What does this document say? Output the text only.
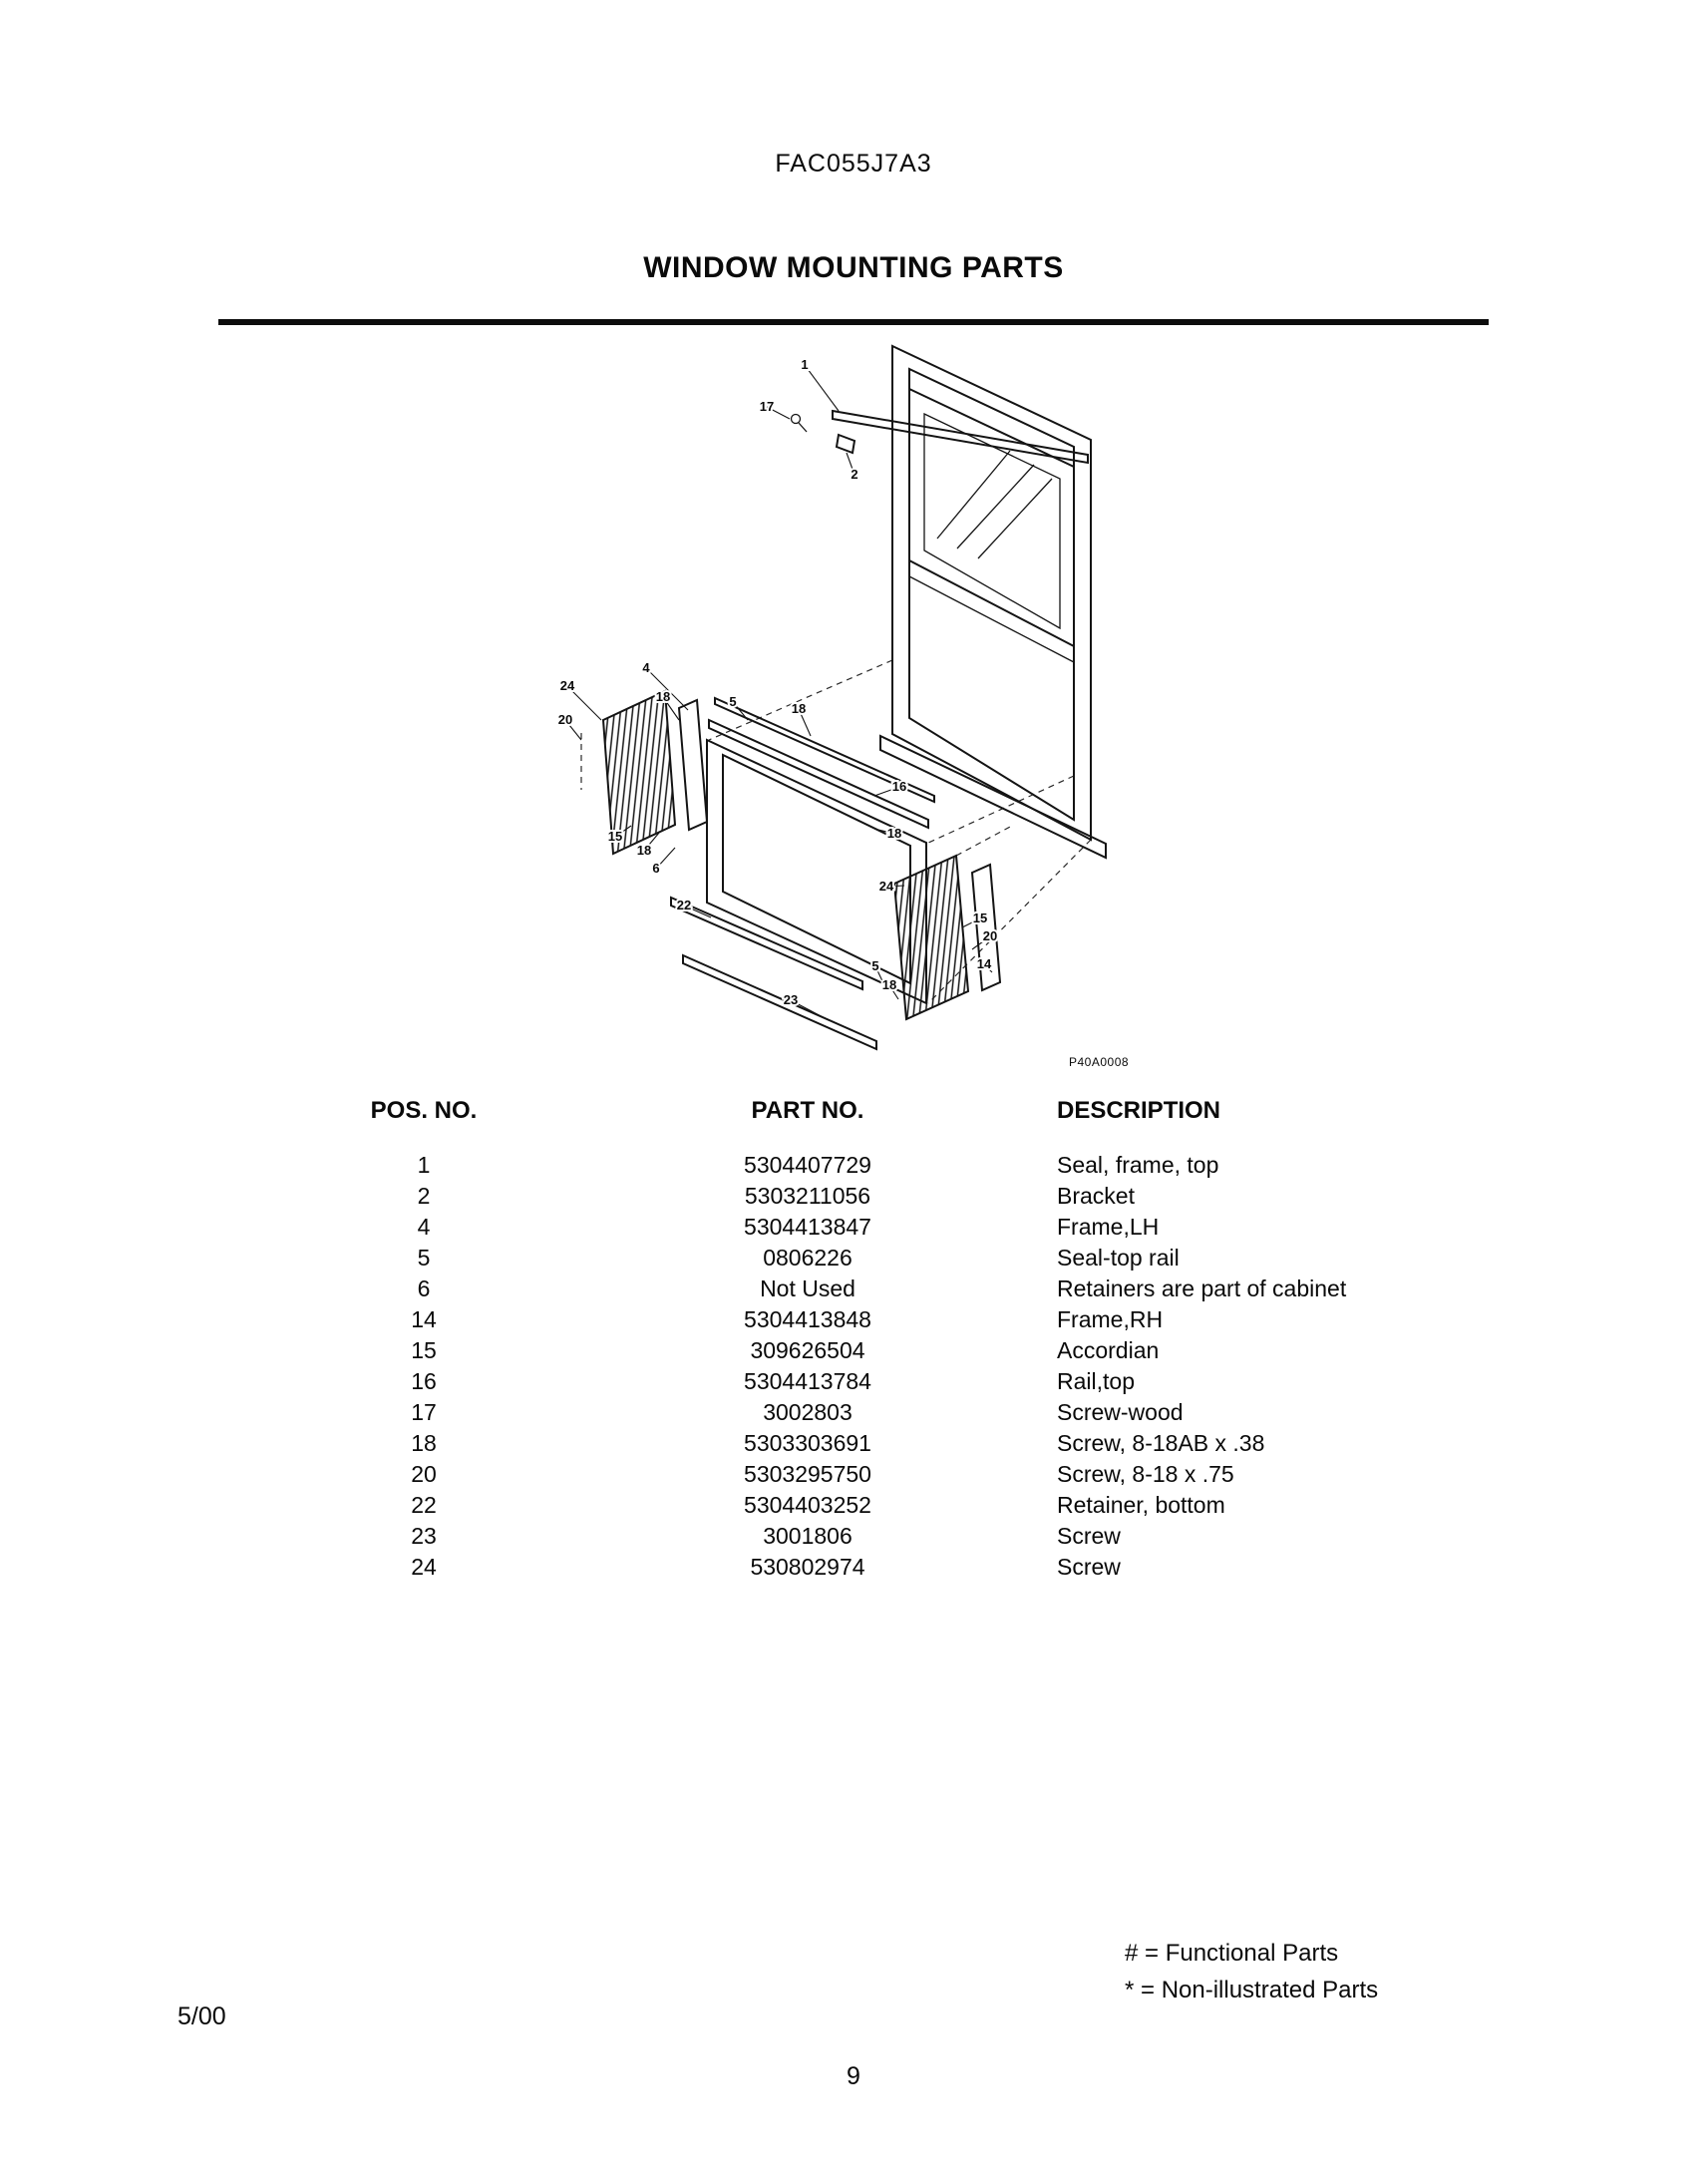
FAC055J7A3
WINDOW MOUNTING PARTS
1
17
2
4
24
20
18	5	18
16
18
15
18
6
22
24
15
20
14
5
18
23
P40A0008
POS. NO.	PART NO.	DESCRIPTION
1	5304407729	Seal, frame, top
2	5303211056	Bracket
4	5304413847	Frame,LH
5	0806226	Seal-top rail
6	Not Used	Retainers are part of cabinet
14	5304413848	Frame,RH
15	309626504	Accordian
16	5304413784	Rail,top
17	3002803	Screw-wood
18	5303303691	Screw, 8-18AB x .38
20	5303295750	Screw, 8-18 x .75
22	5304403252	Retainer, bottom
23	3001806	Screw
24	530802974	Screw
# = Functional Parts
* = Non-illustrated Parts
5/00
9
